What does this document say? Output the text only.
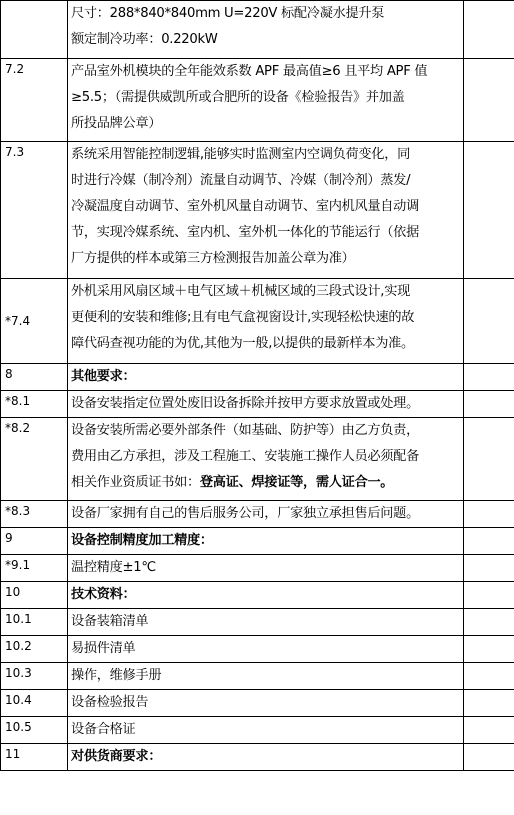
	尺寸：288*840*840mm U=220V 标配冷凝水提升泵
额定制冷功率：0.220kW	

7.2	产品室外机模块的全年能效系数 APF 最高值≥6 且平均 APF 值
≥5.5；（需提供威凯所或合肥所的设备《检验报告》并加盖
所投品牌公章）	

7.3	系统采用智能控制逻辑,能够实时监测室内空调负荷变化，同
时进行冷媒（制冷剂）流量自动调节、冷媒（制冷剂）蒸发/
冷凝温度自动调节、室外机风量自动调节、室内机风量自动调
节，实现冷媒系统、室内机、室外机一体化的节能运行（依据
厂方提供的样本或第三方检测报告加盖公章为准）	

*7.4	外机采用风扇区域＋电气区域＋机械区域的三段式设计,实现
更便利的安装和维修;且有电气盒视窗设计,实现轻松快速的故
障代码查视功能的为优,其他为一般,以提供的最新样本为准。	

8	其他要求：	
*8.1	设备安装指定位置处废旧设备拆除并按甲方要求放置或处理。	
*8.2	设备安装所需必要外部条件（如基础、防护等）由乙方负责，
费用由乙方承担，涉及工程施工、安装施工操作人员必须配备
相关作业资质证书如：登高证、焊接证等，需人证合一。	

*8.3	设备厂家拥有自己的售后服务公司，厂家独立承担售后问题。	
9	设备控制精度加工精度：	
*9.1	温控精度±1℃	
10	技术资料：	
10.1	设备装箱清单	
10.2	易损件清单	
10.3	操作，维修手册	
10.4	设备检验报告	
10.5	设备合格证	
11	对供货商要求：	
